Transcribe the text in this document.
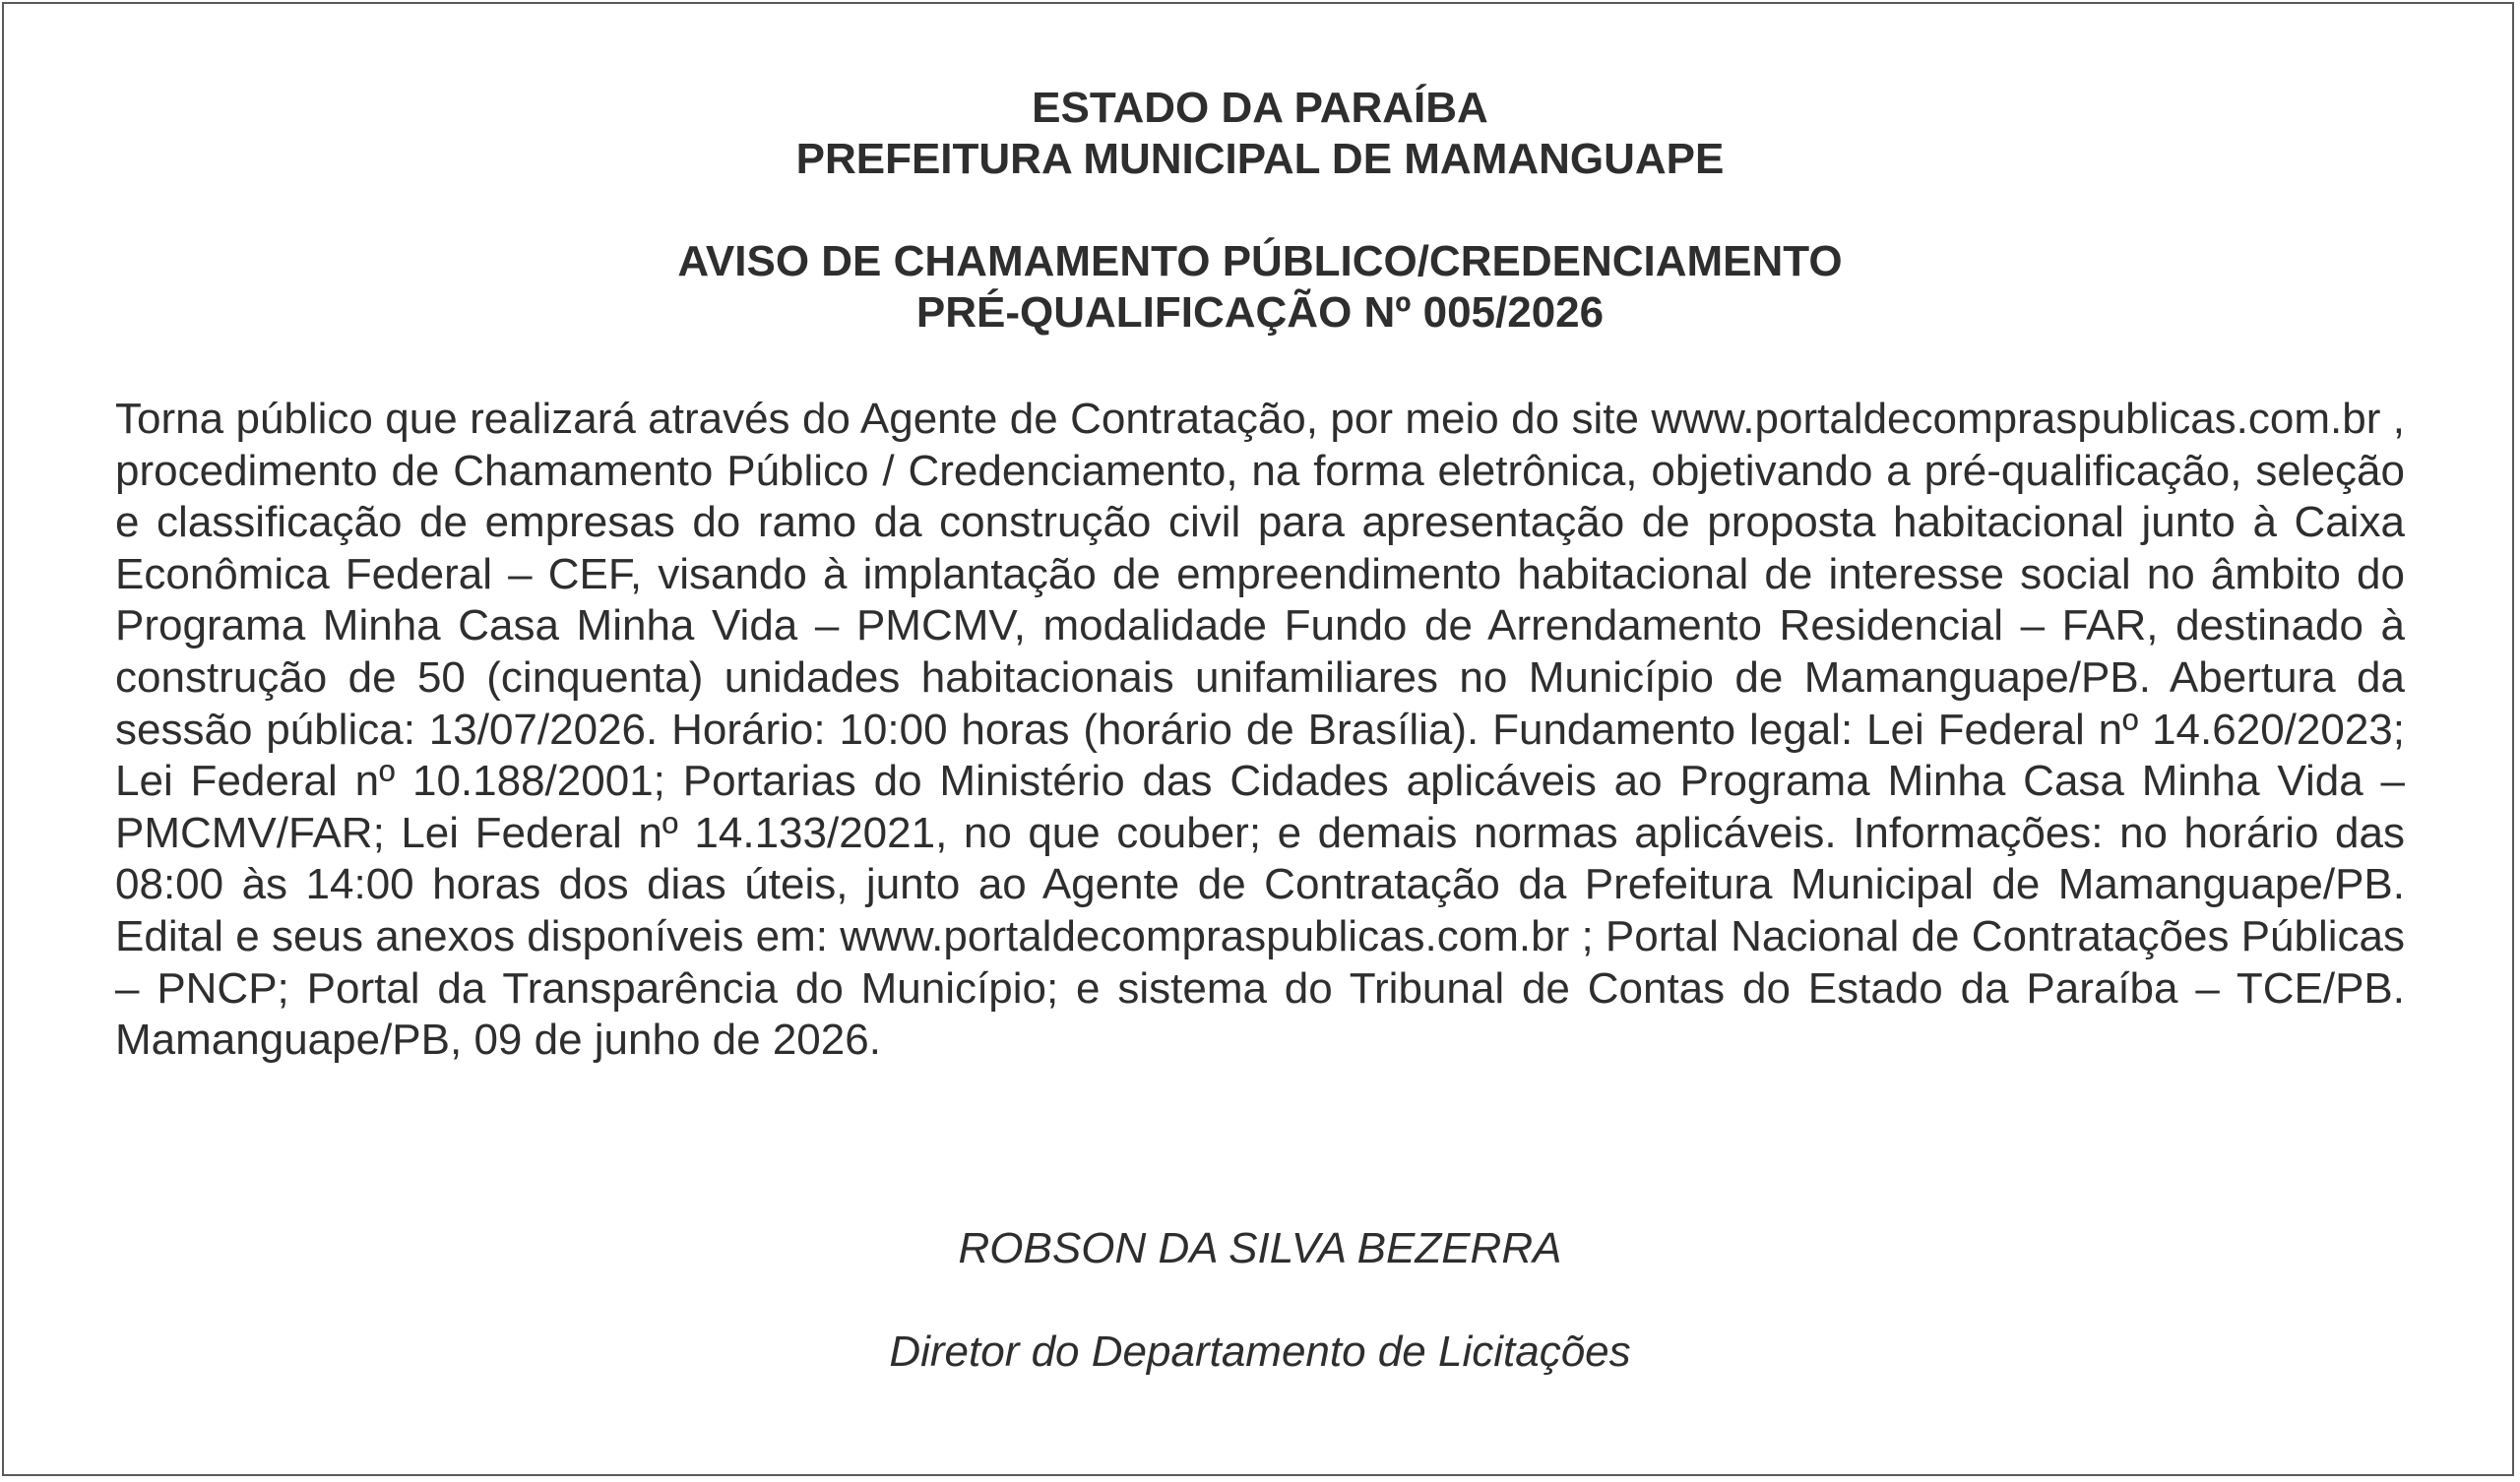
ESTADO DA PARAÍBA
PREFEITURA MUNICIPAL DE MAMANGUAPE
AVISO DE CHAMAMENTO PÚBLICO/CREDENCIAMENTO
PRÉ-QUALIFICAÇÃO Nº 005/2026
Torna público que realizará através do Agente de Contratação, por meio do site www.portaldecompraspublicas.com.br , procedimento de Chamamento Público / Credenciamento, na forma eletrônica, objetivando a pré-qualificação, seleção e classificação de empresas do ramo da construção civil para apresentação de proposta habitacional junto à Caixa Econômica Federal – CEF, visando à implantação de empreendimento habitacional de interesse social no âmbito do Programa Minha Casa Minha Vida – PMCMV, modalidade Fundo de Arrendamento Residencial – FAR, destinado à construção de 50 (cinquenta) unidades habitacionais unifamiliares no Município de Mamanguape/PB. Abertura da sessão pública: 13/07/2026. Horário: 10:00 horas (horário de Brasília). Fundamento legal: Lei Federal nº 14.620/2023; Lei Federal nº 10.188/2001; Portarias do Ministério das Cidades aplicáveis ao Programa Minha Casa Minha Vida – PMCMV/FAR; Lei Federal nº 14.133/2021, no que couber; e demais normas aplicáveis. Informações: no horário das 08:00 às 14:00 horas dos dias úteis, junto ao Agente de Contratação da Prefeitura Municipal de Mamanguape/PB. Edital e seus anexos disponíveis em: www.portaldecompraspublicas.com.br ; Portal Nacional de Contratações Públicas – PNCP; Portal da Transparência do Município; e sistema do Tribunal de Contas do Estado da Paraíba – TCE/PB. Mamanguape/PB, 09 de junho de 2026.
ROBSON DA SILVA BEZERRA
Diretor do Departamento de Licitações
